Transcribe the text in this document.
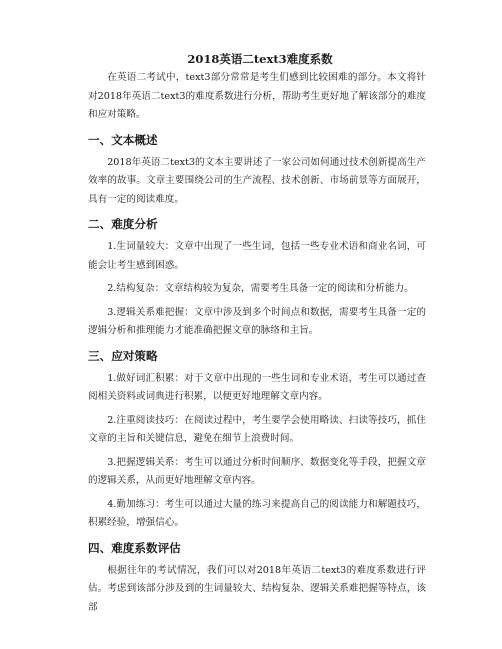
2018英语二text3难度系数

在英语二考试中，text3部分常常是考生们感到比较困难的部分。本文将针对2018年英语二text3的难度系数进行分析，帮助考生更好地了解该部分的难度和应对策略。

一、文本概述

2018年英语二text3的文本主要讲述了一家公司如何通过技术创新提高生产效率的故事。文章主要围绕公司的生产流程、技术创新、市场前景等方面展开，具有一定的阅读难度。

二、难度分析

1.生词量较大：文章中出现了一些生词，包括一些专业术语和商业名词，可能会让考生感到困惑。

2.结构复杂：文章结构较为复杂，需要考生具备一定的阅读和分析能力。

3.逻辑关系难把握：文章中涉及到多个时间点和数据，需要考生具备一定的逻辑分析和推理能力才能准确把握文章的脉络和主旨。

三、应对策略

1.做好词汇积累：对于文章中出现的一些生词和专业术语，考生可以通过查阅相关资料或词典进行积累，以便更好地理解文章内容。

2.注重阅读技巧：在阅读过程中，考生要学会使用略读、扫读等技巧，抓住文章的主旨和关键信息，避免在细节上浪费时间。

3.把握逻辑关系：考生可以通过分析时间顺序、数据变化等手段，把握文章的逻辑关系，从而更好地理解文章内容。

4.勤加练习：考生可以通过大量的练习来提高自己的阅读能力和解题技巧，积累经验，增强信心。

四、难度系数评估

根据往年的考试情况，我们可以对2018年英语二text3的难度系数进行评估。考虑到该部分涉及到的生词量较大、结构复杂、逻辑关系难把握等特点，该部
